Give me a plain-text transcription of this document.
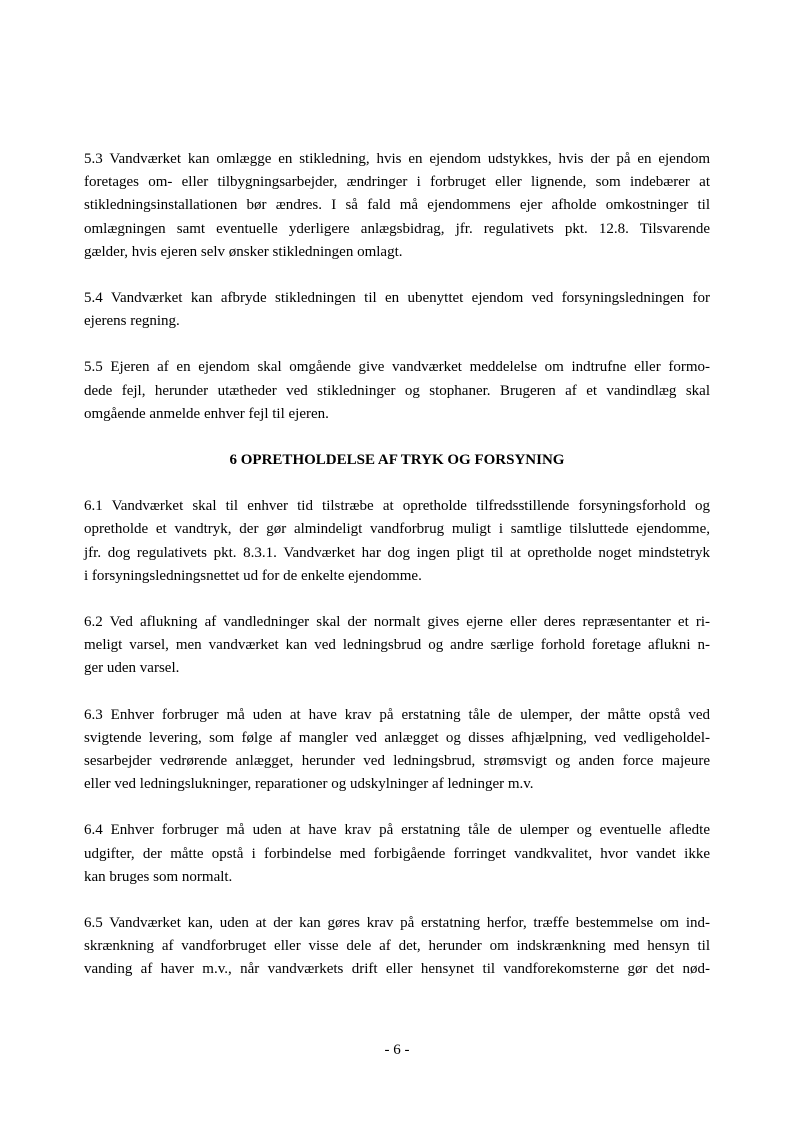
5.3 Vandværket kan omlægge en stikledning, hvis en ejendom udstykkes, hvis der på en ejendom
foretages om- eller tilbygningsarbejder, ændringer i forbruget eller lignende, som indebærer at
stikledningsinstallationen bør ændres. I så fald må ejendommens ejer afholde omkostninger til
omlægningen samt eventuelle yderligere anlægsbidrag, jfr. regulativets pkt. 12.8. Tilsvarende
gælder, hvis ejeren selv ønsker stikledningen omlagt.

5.4 Vandværket kan afbryde stikledningen til en ubenyttet ejendom ved forsyningsledningen for
ejerens regning.

5.5 Ejeren af en ejendom skal omgående give vandværket meddelelse om indtrufne eller formo-
dede fejl, herunder utætheder ved stikledninger og stophaner. Brugeren af et vandindlæg skal
omgående anmelde enhver fejl til ejeren.

6 OPRETHOLDELSE AF TRYK OG FORSYNING

6.1 Vandværket skal til enhver tid tilstræbe at opretholde tilfredsstillende forsyningsforhold og
opretholde et vandtryk, der gør almindeligt vandforbrug muligt i samtlige tilsluttede ejendomme,
jfr. dog regulativets pkt. 8.3.1. Vandværket har dog ingen pligt til at opretholde noget mindstetryk
i forsyningsledningsnettet ud for de enkelte ejendomme.

6.2 Ved aflukning af vandledninger skal der normalt gives ejerne eller deres repræsentanter et ri-
meligt varsel, men vandværket kan ved ledningsbrud og andre særlige forhold foretage aflukni n-
ger uden varsel.

6.3 Enhver forbruger må uden at have krav på erstatning tåle de ulemper, der måtte opstå ved
svigtende levering, som følge af mangler ved anlægget og disses afhjælpning, ved vedligeholdel-
sesarbejder vedrørende anlægget, herunder ved ledningsbrud, strømsvigt og anden force majeure
eller ved ledningslukninger, reparationer og udskylninger af ledninger m.v.

6.4 Enhver forbruger må uden at have krav på erstatning tåle de ulemper og eventuelle afledte
udgifter, der måtte opstå i forbindelse med forbigående forringet vandkvalitet, hvor vandet ikke
kan bruges som normalt.

6.5 Vandværket kan, uden at der kan gøres krav på erstatning herfor, træffe bestemmelse om ind-
skrænkning af vandforbruget eller visse dele af det, herunder om indskrænkning med hensyn til
vanding af haver m.v., når vandværkets drift eller hensynet til vandforekomsterne gør det nød-

- 6 -
